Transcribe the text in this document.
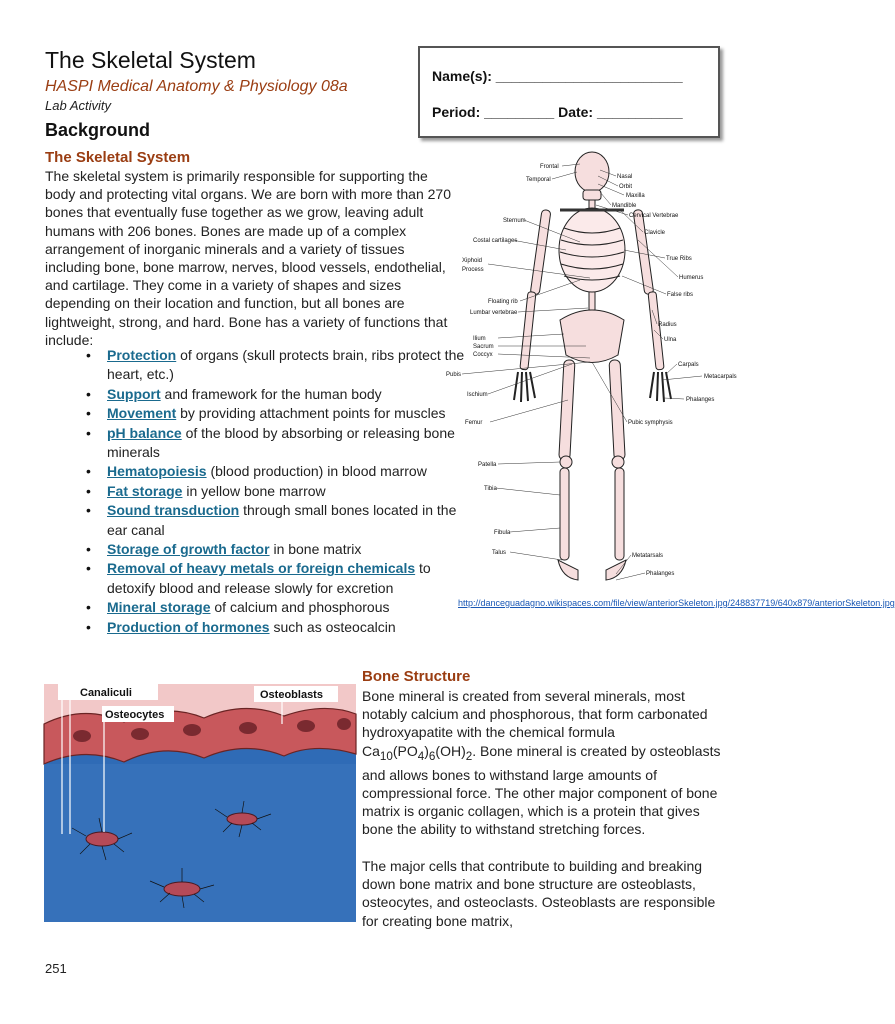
The Skeletal System
HASPI Medical Anatomy & Physiology 08a
Lab Activity
Background
Name(s): ________________________
Period: _________ Date: ___________
The Skeletal System

The skeletal system is primarily responsible for supporting the body and protecting vital organs. We are born with more than 270 bones that eventually fuse together as we grow, leaving adult humans with 206 bones. Bones are made up of a complex arrangement of inorganic minerals and a variety of tissues including bone, bone marrow, nerves, blood vessels, endothelial, and cartilage. They come in a variety of shapes and sizes depending on their location and function, but all bones are lightweight, strong, and hard. Bone has a variety of functions that include:

• Protection of organs (skull protects brain, ribs protect the heart, etc.)
• Support and framework for the human body
• Movement by providing attachment points for muscles
• pH balance of the blood by absorbing or releasing bone minerals
• Hematopoiesis (blood production) in blood marrow
• Fat storage in yellow bone marrow
• Sound transduction through small bones located in the ear canal
• Storage of growth factor in bone matrix
• Removal of heavy metals or foreign chemicals to detoxify blood and release slowly for excretion
• Mineral storage of calcium and phosphorous
• Production of hormones such as osteocalcin
Frontal
Temporal
Sternum
Costal cartilages
Xiphoid
Process
Floating rib
Lumbar vertebrae
Ilium
Sacrum
Coccyx
Pubis
Ischium
Femur
Patella
Tibia
Fibula
Talus
Nasal
Orbit
Maxilla
Mandible
Cervical Vertebrae
Clavicle
True Ribs
Humerus
False ribs
Radius
Ulna
Carpals
Metacarpals
Phalanges
Pubic symphysis
Metatarsals
Phalanges
http://danceguadagno.wikispaces.com/file/view/anteriorSkeleton.jpg/248837719/640x879/anteriorSkeleton.jpg
Canaliculi	Osteoblasts
Osteocytes
Bone Structure

Bone mineral is created from several minerals, most notably calcium and phosphorous, that form carbonated hydroxyapatite with the chemical formula $Ca_{10}(PO_4)_6(OH)_2$. Bone mineral is created by osteoblasts and allows bones to withstand large amounts of compressional force. The other major component of bone matrix is organic collagen, which is a protein that gives bone the ability to withstand stretching forces.

The major cells that contribute to building and breaking down bone matrix and bone structure are osteoblasts, osteocytes, and osteoclasts. Osteoblasts are responsible for creating bone matrix,

251
